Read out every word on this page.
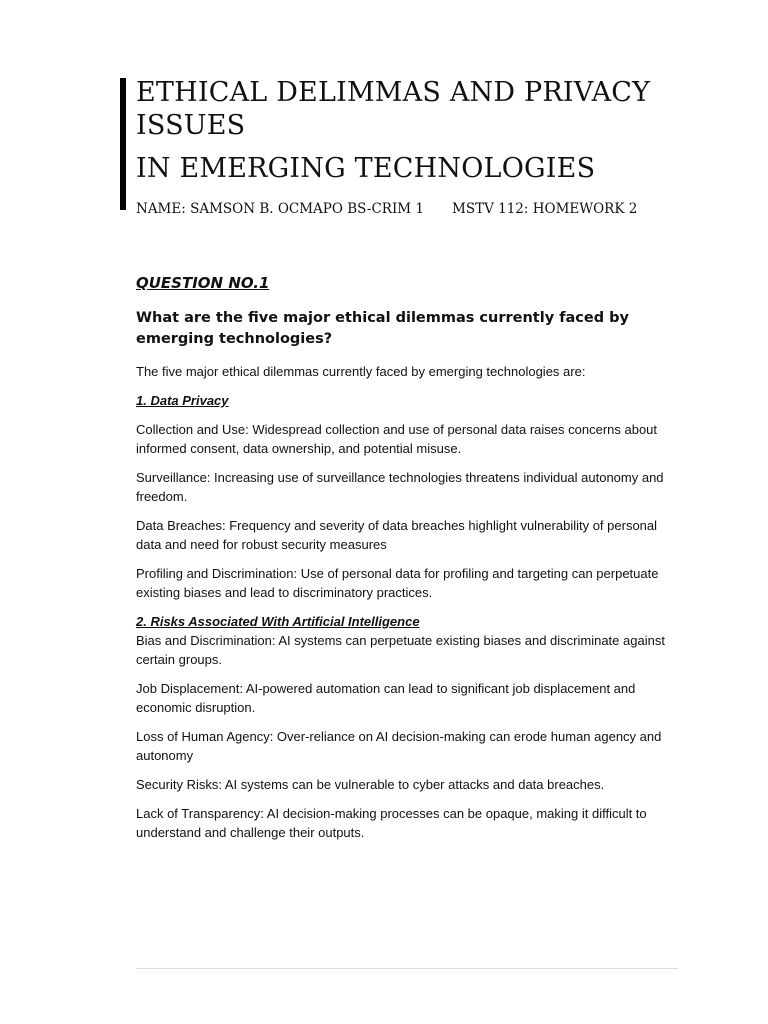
ETHICAL DELIMMAS AND PRIVACY ISSUES
IN EMERGING TECHNOLOGIES
NAME: SAMSON B. OCMAPO BS-CRIM 1 MSTV 112: HOMEWORK 2
QUESTION NO.1
What are the five major ethical dilemmas currently faced by emerging technologies?

The five major ethical dilemmas currently faced by emerging technologies are:

1. Data Privacy

Collection and Use: Widespread collection and use of personal data raises concerns about informed consent, data ownership, and potential misuse.

Surveillance: Increasing use of surveillance technologies threatens individual autonomy and freedom.

Data Breaches: Frequency and severity of data breaches highlight vulnerability of personal data and need for robust security measures

Profiling and Discrimination: Use of personal data for profiling and targeting can perpetuate existing biases and lead to discriminatory practices.

2. Risks Associated With Artificial Intelligence

Bias and Discrimination: AI systems can perpetuate existing biases and discriminate against certain groups.

Job Displacement: AI-powered automation can lead to significant job displacement and economic disruption.

Loss of Human Agency: Over-reliance on AI decision-making can erode human agency and autonomy

Security Risks: AI systems can be vulnerable to cyber attacks and data breaches.

Lack of Transparency: AI decision-making processes can be opaque, making it difficult to understand and challenge their outputs.
